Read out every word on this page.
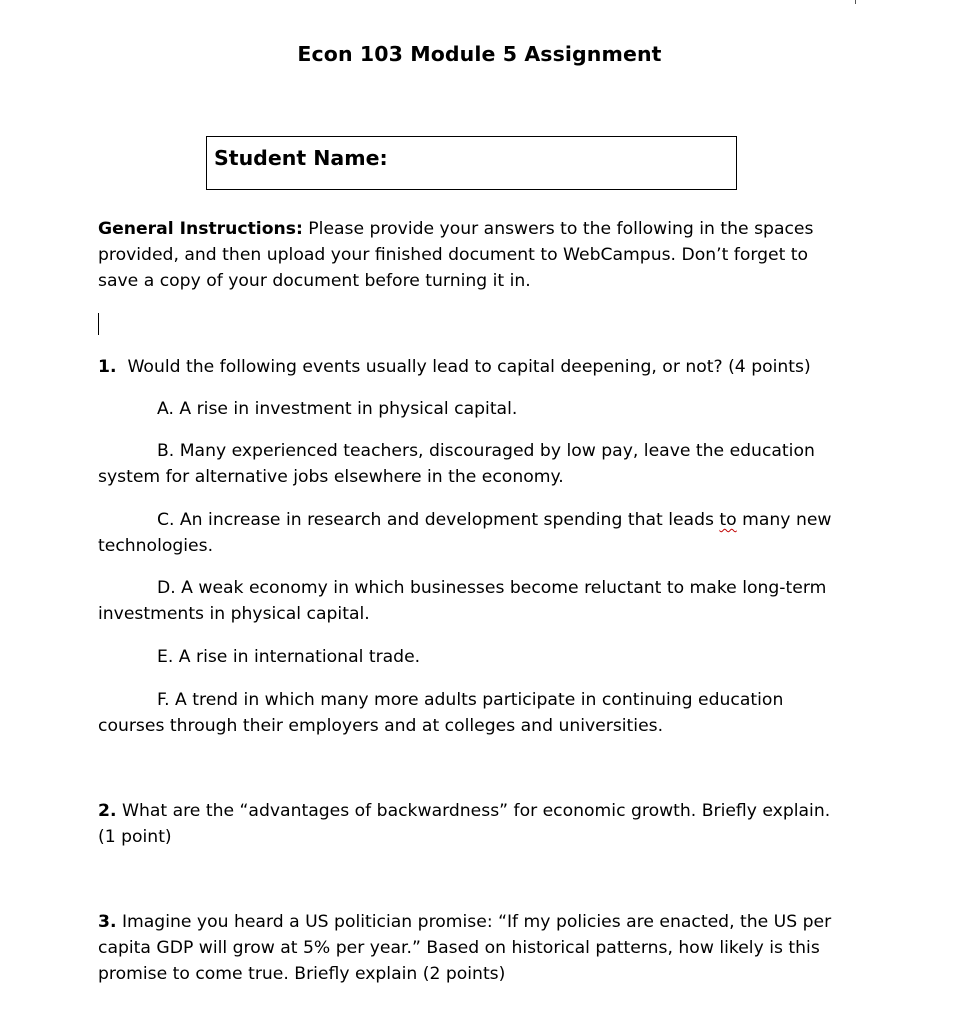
Econ 103 Module 5 Assignment
Student Name:
General Instructions: Please provide your answers to the following in the spaces
provided, and then upload your finished document to WebCampus. Don’t forget to
save a copy of your document before turning it in.
1. Would the following events usually lead to capital deepening, or not? (4 points)
A. A rise in investment in physical capital.
B. Many experienced teachers, discouraged by low pay, leave the education
system for alternative jobs elsewhere in the economy.
C. An increase in research and development spending that leads to many new
technologies.
D. A weak economy in which businesses become reluctant to make long-term
investments in physical capital.
E. A rise in international trade.
F. A trend in which many more adults participate in continuing education
courses through their employers and at colleges and universities.
2. What are the “advantages of backwardness” for economic growth. Briefly explain.
(1 point)
3. Imagine you heard a US politician promise: “If my policies are enacted, the US per
capita GDP will grow at 5% per year.” Based on historical patterns, how likely is this
promise to come true. Briefly explain (2 points)
